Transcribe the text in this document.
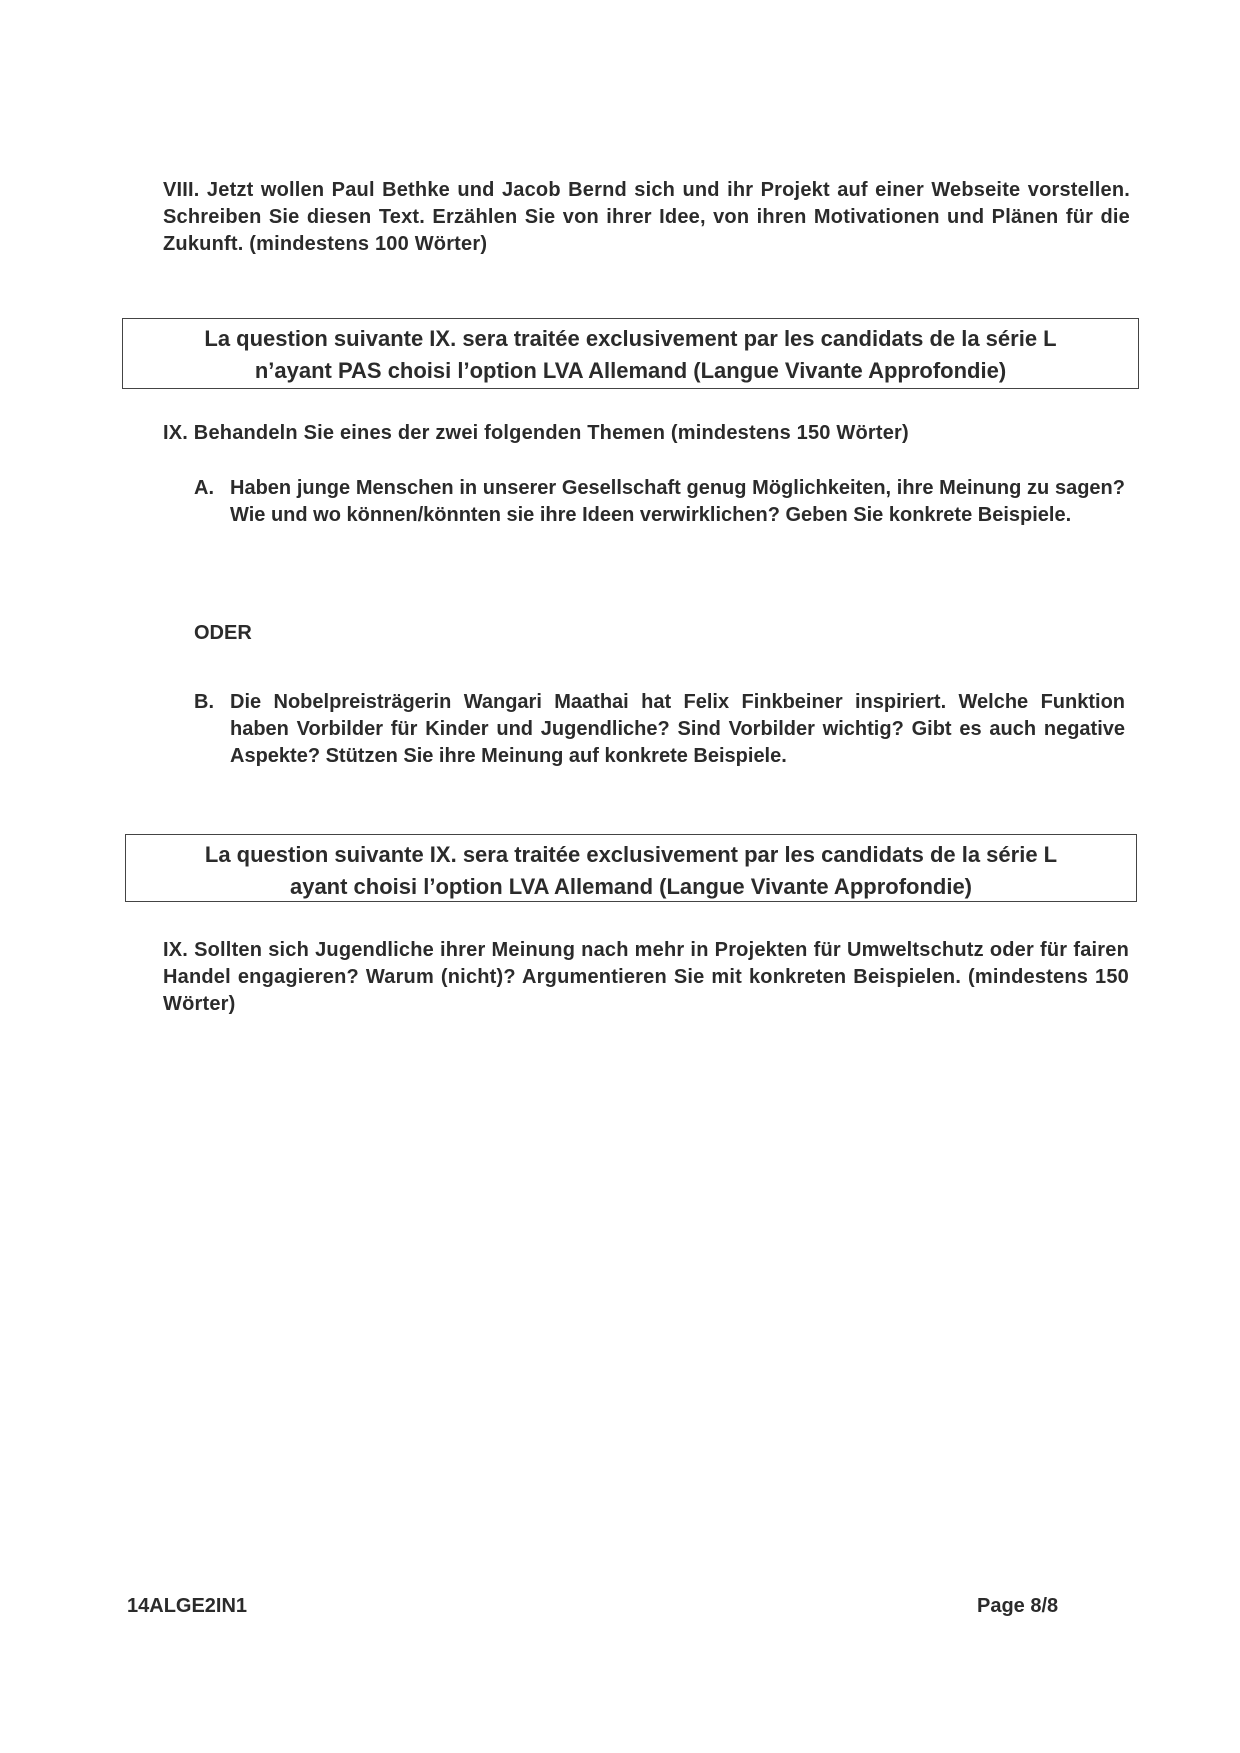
VIII. Jetzt wollen Paul Bethke und Jacob Bernd sich und ihr Projekt auf einer Webseite vorstellen. Schreiben Sie diesen Text. Erzählen Sie von ihrer Idee, von ihren Motivationen und Plänen für die Zukunft. (mindestens 100 Wörter)
La question suivante IX. sera traitée exclusivement par les candidats de la série L
n’ayant PAS choisi l’option LVA Allemand (Langue Vivante Approfondie)
IX. Behandeln Sie eines der zwei folgenden Themen (mindestens 150 Wörter)
A. Haben junge Menschen in unserer Gesellschaft genug Möglichkeiten, ihre Meinung zu sagen? Wie und wo können/könnten sie ihre Ideen verwirklichen? Geben Sie konkrete Beispiele.
ODER
B. Die Nobelpreisträgerin Wangari Maathai hat Felix Finkbeiner inspiriert. Welche Funktion haben Vorbilder für Kinder und Jugendliche? Sind Vorbilder wichtig? Gibt es auch negative Aspekte? Stützen Sie ihre Meinung auf konkrete Beispiele.
La question suivante IX. sera traitée exclusivement par les candidats de la série L
ayant choisi l’option LVA Allemand (Langue Vivante Approfondie)
IX. Sollten sich Jugendliche ihrer Meinung nach mehr in Projekten für Umweltschutz oder für fairen Handel engagieren? Warum (nicht)? Argumentieren Sie mit konkreten Beispielen. (mindestens 150 Wörter)
14ALGE2IN1	Page 8/8
